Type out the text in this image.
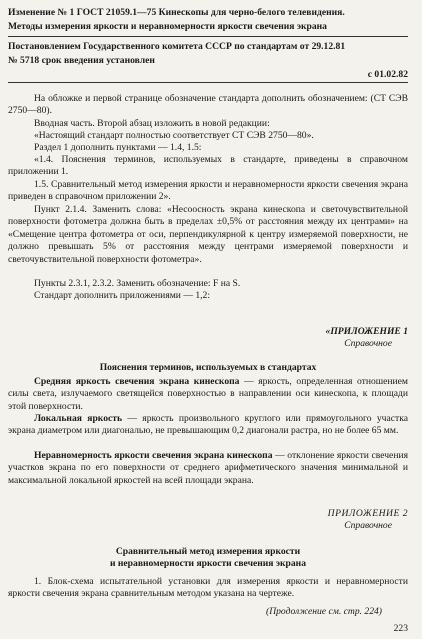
Изменение № 1 ГОСТ 21059.1—75 Кинескопы для черно-белого телевидения.
Методы измерения яркости и неравномерности яркости свечения экрана
Постановлением Государственного комитета СССР по стандартам от 29.12.81
№ 5718 срок введения установлен
с 01.02.82
На обложке и первой странице обозначение стандарта дополнить обозначением: (СТ СЭВ 2750—80).
Вводная часть. Второй абзац изложить в новой редакции:
«Настоящий стандарт полностью соответствует СТ СЭВ 2750—80».
Раздел 1 дополнить пунктами — 1.4, 1.5:
«1.4. Пояснения терминов, используемых в стандарте, приведены в справочном приложении 1.
1.5. Сравнительный метод измерения яркости и неравномерности яркости свечения экрана приведен в справочном приложении 2».
Пункт 2.1.4. Заменить слова: «Несоосность экрана кинескопа и светочувствительной поверхности фотометра должна быть в пределах ±0,5% от расстояния между их центрами» на «Смещение центра фотометра от оси, перпендикулярной к центру измеряемой поверхности, не должно превышать 5% от расстояния между центрами измеряемой поверхности и светочувствительной поверхности фотометра».
Пункты 2.3.1, 2.3.2. Заменить обозначение: F на S.
Стандарт дополнить приложениями — 1,2:
«ПРИЛОЖЕНИЕ 1
Справочное
Пояснения терминов, используемых в стандартах
Средняя яркость свечения экрана кинескопа — яркость, определенная отношением силы света, излучаемого светящейся поверхностью в направлении оси кинескопа, к площади этой поверхности.
Локальная яркость — яркость произвольного круглого или прямоугольного участка экрана диаметром или диагональю, не превышающим 0,2 диагонали растра, но не более 65 мм.
Неравномерность яркости свечения экрана кинескопа — отклонение яркости свечения участков экрана по его поверхности от среднего арифметического значения минимальной и максимальной локальной яркостей на всей площади экрана.
ПРИЛОЖЕНИЕ 2
Справочное
Сравнительный метод измерения яркости
и неравномерности яркости свечения экрана
1. Блок-схема испытательной установки для измерения яркости и неравномерности яркости свечения экрана сравнительным методом указана на чертеже.
(Продолжение см. стр. 224)
223
